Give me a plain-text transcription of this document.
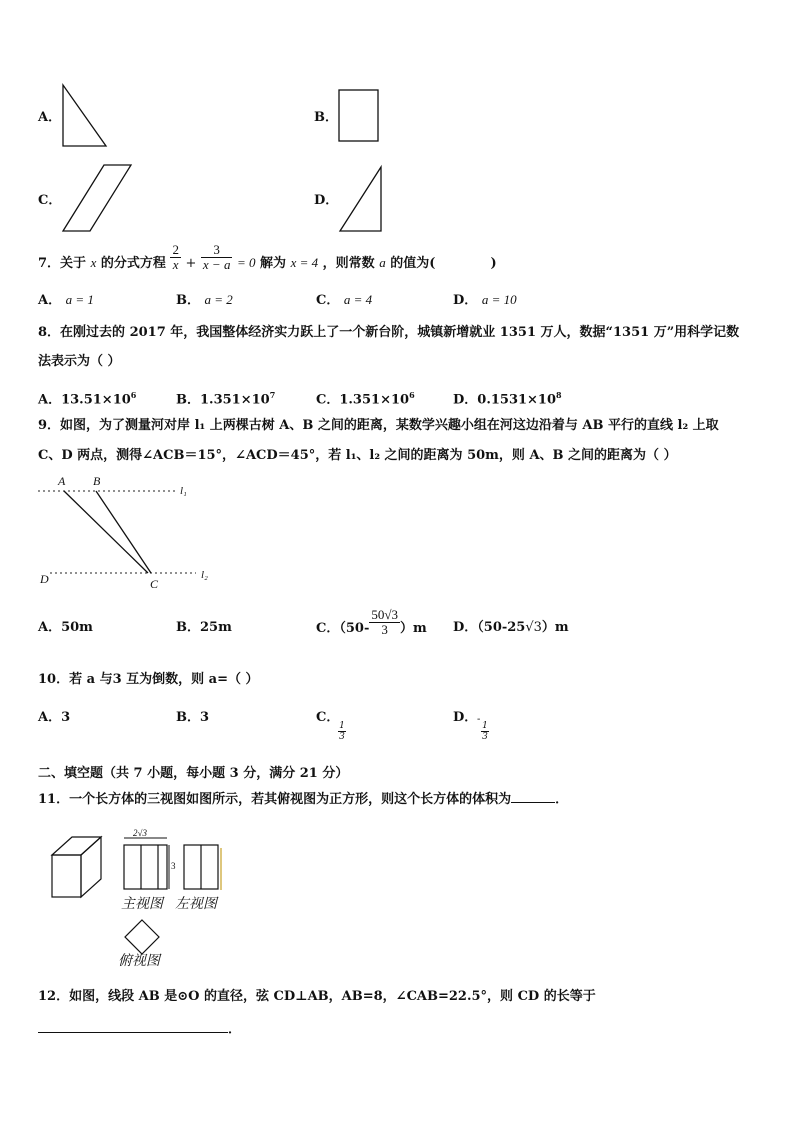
A．	B．
C．	D．
7．关于 x 的分式方程 $\frac{2}{x} + \frac{3}{x - a} = 0$ 解为 x = 4 ，则常数 a 的值为(	)
A． a = 1	B． a = 2	C． a = 4	D． a = 10
8．在刚过去的 2017 年，我国整体经济实力跃上了一个新台阶，城镇新增就业 1351 万人，数据“1351 万”用科学记数
法表示为（ ）
A．$13.51\times 10^6$	B．$1.351\times 10^7$	C．$1.351\times 10^6$	D．$0.1531\times 10^8$
9．如图，为了测量河对岸 l₁ 上两棵古树 A、B 之间的距离，某数学兴趣小组在河这边沿着与 AB 平行的直线 l₂ 上取
C、D 两点，测得∠ACB＝15°，∠ACD＝45°，若 l₁、l₂ 之间的距离为 50m，则 A、B 之间的距离为（ ）
A B
l₁
D	C
l₂
A．50m	B．25m	C．$(50- \frac{50√3}{3} )m$ D．（50-25√3）m
10．若 a 与3 互为倒数，则 a=（ ）
A．3	B．3	C．
$\frac{1}{3}$
D． -
$\frac{1}{3}$
二、填空题（共 7 小题，每小题 3 分，满分 21 分）
11．一个长方体的三视图如图所示，若其俯视图为正方形，则这个长方体的体积为	．
2√3
3
主视图 左视图
俯视图
12．如图，线段 AB 是⊙O 的直径，弦 CD⊥AB，AB=8，∠CAB=22.5°，则 CD 的长等于
．
